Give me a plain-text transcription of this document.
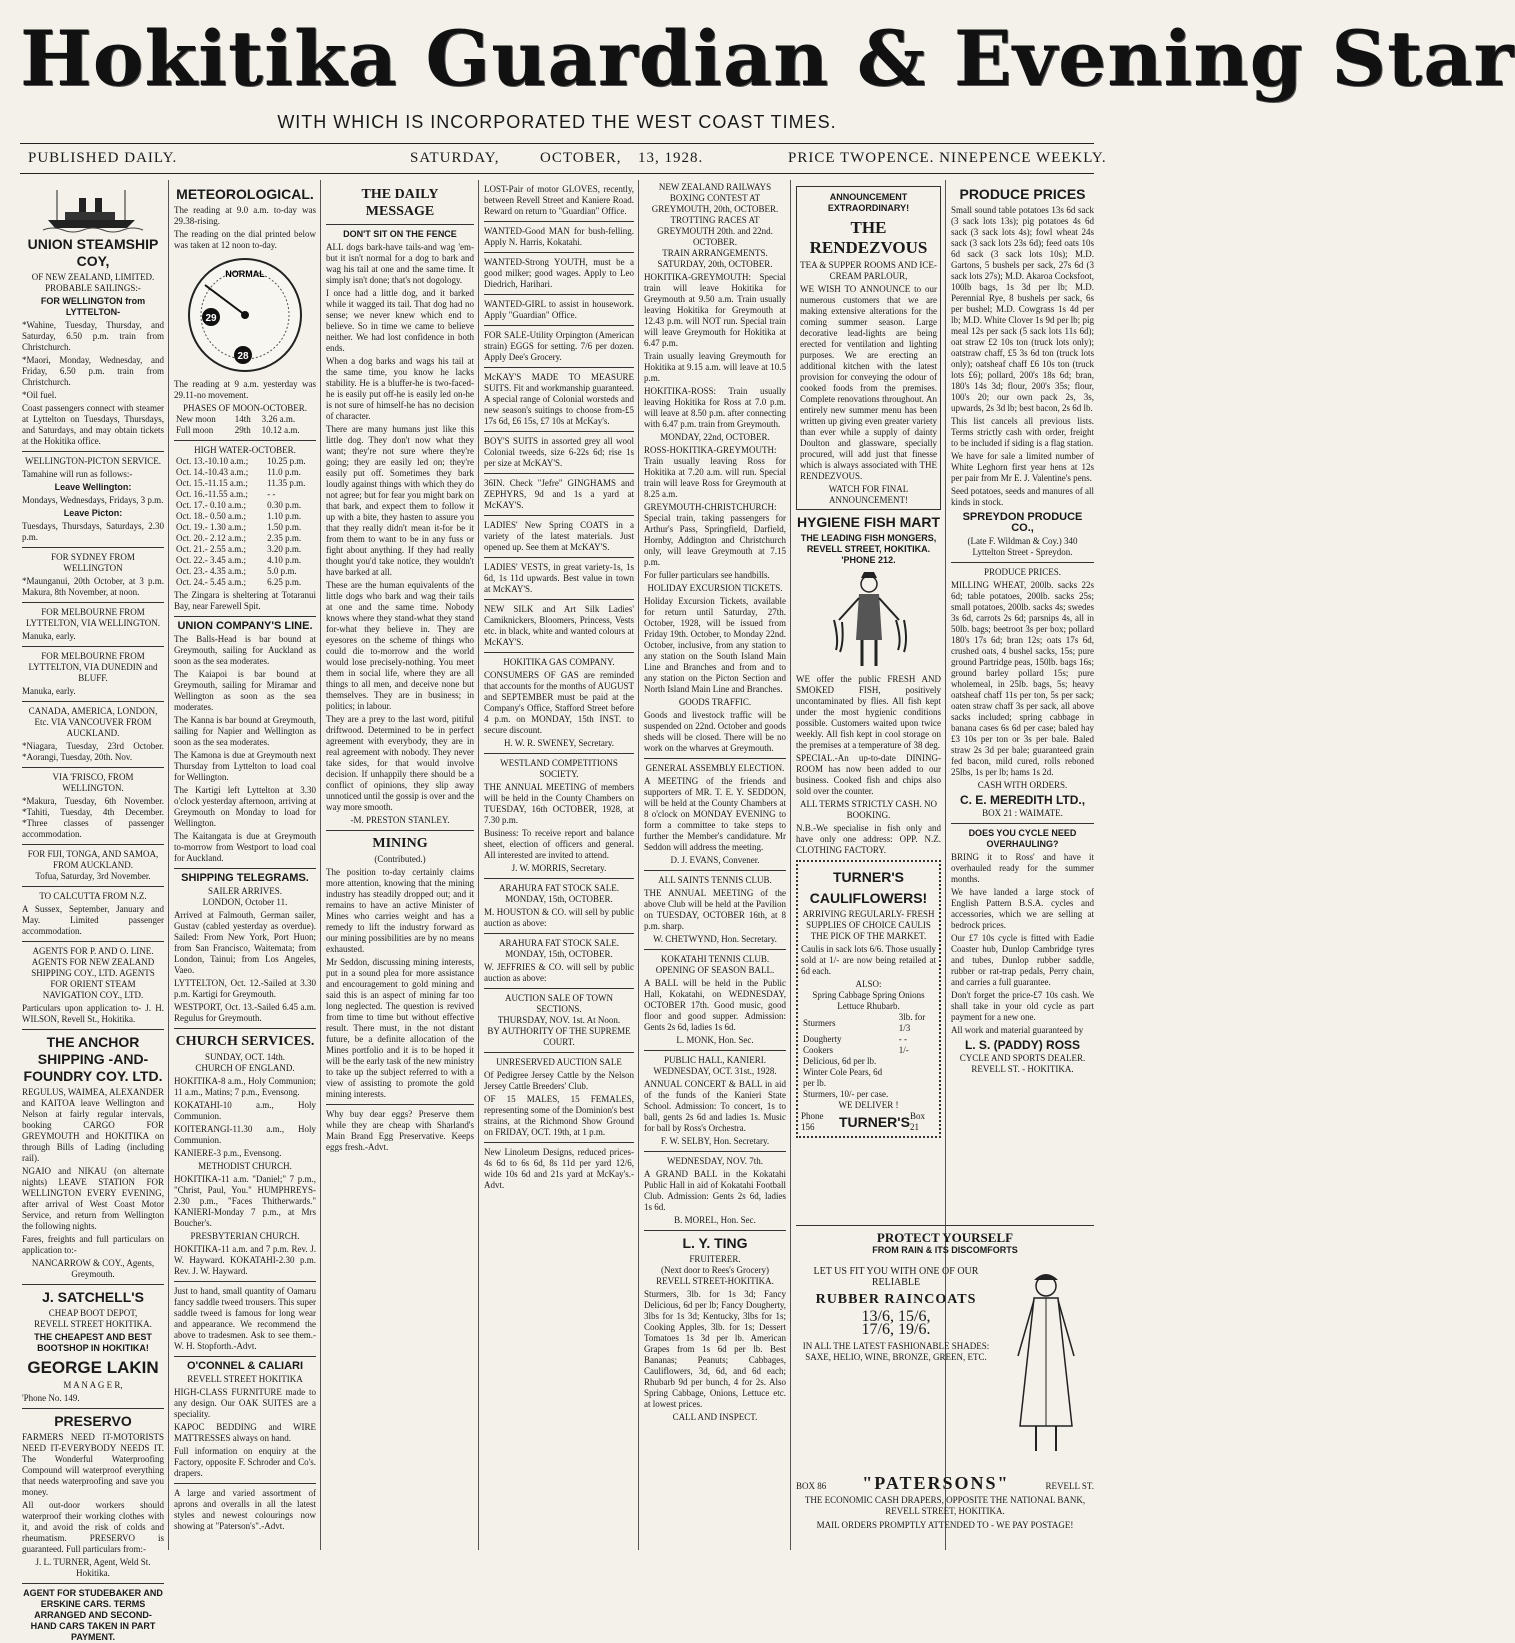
Hokitika Guardian & Evening Star
WITH WHICH IS INCORPORATED THE WEST COAST TIMES.
PUBLISHED DAILY.	SATURDAY,	OCTOBER, 13, 1928.	PRICE TWOPENCE. NINEPENCE WEEKLY.
UNION STEAMSHIP COY,
OF NEW ZEALAND, LIMITED.
PROBABLE SAILINGS:-
FOR WELLINGTON from LYTTELTON-
*Wahine, Tuesday, Thursday, and Saturday, 6.50 p.m. train from Christchurch.
*Maori, Monday, Wednesday, and Friday, 6.50 p.m. train from Christchurch.
*Oil fuel.
Coast passengers connect with steamer at Lyttelton on Tuesdays, Thursdays, and Saturdays, and may obtain tickets at the Hokitika office.
WELLINGTON-PICTON SERVICE.
Tamahine will run as follows:-
Leave Wellington:
Mondays, Wednesdays, Fridays, 3 p.m.
Leave Picton:
Tuesdays, Thursdays, Saturdays, 2.30 p.m.
FOR SYDNEY FROM WELLINGTON
*Maunganui, 20th October, at 3 p.m. Makura, 8th November, at noon.
FOR MELBOURNE FROM LYTTELTON, VIA WELLINGTON.
Manuka, early.
FOR MELBOURNE FROM LYTTELTON, VIA DUNEDIN and BLUFF.
Manuka, early.
CANADA, AMERICA, LONDON, Etc. VIA VANCOUVER FROM AUCKLAND.
*Niagara, Tuesday, 23rd October. *Aorangi, Tuesday, 20th. Nov.
VIA 'FRISCO, FROM WELLINGTON.
*Makura, Tuesday, 6th November. *Tahiti, Tuesday, 4th December. *Three classes of passenger accommodation.
FOR FIJI, TONGA, AND SAMOA, FROM AUCKLAND.
Tofua, Saturday, 3rd November.
TO CALCUTTA FROM N.Z.
A Sussex, September, January and May. Limited passenger accommodation.
AGENTS FOR P. AND O. LINE. AGENTS FOR NEW ZEALAND SHIPPING COY., LTD. AGENTS FOR ORIENT STEAM NAVIGATION COY., LTD.
Particulars upon application to- J. H. WILSON, Revell St., Hokitika.
THE ANCHOR SHIPPING -AND- FOUNDRY COY. LTD.
REGULUS, WAIMEA, ALEXANDER and KAITOA leave Wellington and Nelson at fairly regular intervals, booking CARGO FOR GREYMOUTH and HOKITIKA on through Bills of Lading (including rail).
NGAIO and NIKAU (on alternate nights) LEAVE STATION FOR WELLINGTON EVERY EVENING, after arrival of West Coast Motor Service, and return from Wellington the following nights.
Fares, freights and full particulars on application to:-
NANCARROW & COY., Agents, Greymouth.
J. SATCHELL'S
CHEAP BOOT DEPOT,
REVELL STREET HOKITIKA.
THE CHEAPEST AND BEST BOOTSHOP IN HOKITIKA!
GEORGE LAKIN
M A N A G E R,
'Phone No. 149.
PRESERVO
FARMERS NEED IT-MOTORISTS NEED IT-EVERYBODY NEEDS IT. The Wonderful Waterproofing Compound will waterproof everything that needs waterproofing and save you money.
All out-door workers should waterproof their working clothes with it, and avoid the risk of colds and rheumatism. PRESERVO is guaranteed. Full particulars from:-
J. L. TURNER, Agent, Weld St. Hokitika.
AGENT FOR STUDEBAKER AND ERSKINE CARS. TERMS ARRANGED AND SECOND-HAND CARS TAKEN IN PART PAYMENT.
METEOROLOGICAL.
The reading at 9.0 a.m. to-day was 29.38-rising.
The reading on the dial printed below was taken at 12 noon to-day.
NORMAL
29
28
The reading at 9 a.m. yesterday was 29.11-no movement.
PHASES OF MOON-OCTOBER.
New moon	14th	3.26 a.m.
Full moon	29th	10.12 a.m.
HIGH WATER-OCTOBER.
Oct. 13.-10.10 a.m.;	10.25 p.m.
Oct. 14.-10.43 a.m.;	11.0 p.m.
Oct. 15.-11.15 a.m.;	11.35 p.m.
Oct. 16.-11.55 a.m.;	- -
Oct. 17.- 0.10 a.m.;	0.30 p.m.
Oct. 18.- 0.50 a.m.;	1.10 p.m.
Oct. 19.- 1.30 a.m.;	1.50 p.m.
Oct. 20.- 2.12 a.m.;	2.35 p.m.
Oct. 21.- 2.55 a.m.;	3.20 p.m.
Oct. 22.- 3.45 a.m.;	4.10 p.m.
Oct. 23.- 4.35 a.m.;	5.0 p.m.
Oct. 24.- 5.45 a.m.;	6.25 p.m.
The Zingara is sheltering at Totaranui Bay, near Farewell Spit.
UNION COMPANY'S LINE.
The Balls-Head is bar bound at Greymouth, sailing for Auckland as soon as the sea moderates.
The Kaiapoi is bar bound at Greymouth, sailing for Miramar and Wellington as soon as the sea moderates.
The Kanna is bar bound at Greymouth, sailing for Napier and Wellington as soon as the sea moderates.
The Kamona is due at Greymouth next Thursday from Lyttelton to load coal for Wellington.
The Kartigi left Lyttelton at 3.30 o'clock yesterday afternoon, arriving at Greymouth on Monday to load for Wellington.
The Kaitangata is due at Greymouth to-morrow from Westport to load coal for Auckland.
SHIPPING TELEGRAMS.
SAILER ARRIVES.
LONDON, October 11.
Arrived at Falmouth, German sailer, Gustav (cabled yesterday as overdue). Sailed: From New York, Port Huon; from San Francisco, Waitemata; from London, Tainui; from Los Angeles, Vaeo.
LYTTELTON, Oct. 12.-Sailed at 3.30 p.m. Kartigi for Greymouth.
WESTPORT, Oct. 13.-Sailed 6.45 a.m. Regulus for Greymouth.
CHURCH SERVICES.
SUNDAY, OCT. 14th.
CHURCH OF ENGLAND.
HOKITIKA-8 a.m., Holy Communion; 11 a.m., Matins; 7 p.m., Evensong.
KOKATAHI-10 a.m., Holy Communion.
KOITERANGI-11.30 a.m., Holy Communion.
KANIERE-3 p.m., Evensong.
METHODIST CHURCH.
HOKITIKA-11 a.m. "Daniel;" 7 p.m., "Christ, Paul, You." HUMPHREYS-2.30 p.m., "Faces Thitherwards." KANIERI-Monday 7 p.m., at Mrs Boucher's.
PRESBYTERIAN CHURCH.
HOKITIKA-11 a.m. and 7 p.m. Rev. J. W. Hayward. KOKATAHI-2.30 p.m. Rev. J. W. Hayward.
Just to hand, small quantity of Oamaru fancy saddle tweed trousers. This super saddle tweed is famous for long wear and appearance. We recommend the above to tradesmen. Ask to see them.-W. H. Stopforth.-Advt.
O'CONNEL & CALIARI
REVELL STREET HOKITIKA
HIGH-CLASS FURNITURE made to any design. Our OAK SUITES are a speciality.
KAPOC BEDDING and WIRE MATTRESSES always on hand.
Full information on enquiry at the Factory, opposite F. Schroder and Co's. drapers.
A large and varied assortment of aprons and overalls in all the latest styles and newest colourings now showing at "Paterson's".-Advt.
THE DAILY MESSAGE
DON'T SIT ON THE FENCE
ALL dogs bark-have tails-and wag 'em-but it isn't normal for a dog to bark and wag his tail at one and the same time. It simply isn't done; that's not dogology.
I once had a little dog, and it barked while it wagged its tail. That dog had no sense; we never knew which end to believe. So in time we came to believe neither. We had lost confidence in both ends.
When a dog barks and wags his tail at the same time, you know he lacks stability. He is a bluffer-he is two-faced-he is easily put off-he is easily led on-he is not sure of himself-he has no decision of character.
There are many humans just like this little dog. They don't now what they want; they're not sure where they're going; they are easily led on; they're easily put off. Sometimes they bark loudly against things with which they do not agree; but for fear you might bark on that bark, and expect them to follow it up with a bite, they hasten to assure you that they really didn't mean it-for be it from them to want to be in any fuss or fight about anything. If they had really thought you'd take notice, they wouldn't have barked at all.
These are the human equivalents of the little dogs who bark and wag their tails at one and the same time. Nobody knows where they stand-what they stand for-what they believe in. They are eyesores on the scheme of things who could die to-morrow and the world would lose precisely-nothing. You meet them in social life, where they are all things to all men, and deceive none but themselves. They are in business; in politics; in labour.
They are a prey to the last word, pitiful driftwood. Determined to be in perfect agreement with everybody, they are in real agreement with nobody. They never take sides, for that would involve decision. If unhappily there should be a conflict of opinions, they slip away unnoticed until the gossip is over and the way more smooth.
-M. PRESTON STANLEY.
MINING
(Contributed.)
The position to-day certainly claims more attention, knowing that the mining industry has steadily dropped out; and it remains to have an active Minister of Mines who carries weight and has a remedy to lift the industry forward as our mining possibilities are by no means exhausted.
Mr Seddon, discussing mining interests, put in a sound plea for more assistance and encouragement to gold mining and said this is an aspect of mining far too long neglected. The question is revived from time to time but without effective result. There must, in the not distant future, be a definite allocation of the Mines portfolio and it is to be hoped it will be the early task of the new ministry to take up the subject referred to with a view of assisting to promote the gold mining interests.
Why buy dear eggs? Preserve them while they are cheap with Sharland's Main Brand Egg Preservative. Keeps eggs fresh.-Advt.
LOST-Pair of motor GLOVES, recently, between Revell Street and Kaniere Road. Reward on return to "Guardian" Office.
WANTED-Good MAN for bush-felling. Apply N. Harris, Kokatahi.
WANTED-Strong YOUTH, must be a good milker; good wages. Apply to Leo Diedrich, Harihari.
WANTED-GIRL to assist in housework. Apply "Guardian" Office.
FOR SALE-Utility Orpington (American strain) EGGS for setting. 7/6 per dozen. Apply Dee's Grocery.
McKAY'S MADE TO MEASURE SUITS. Fit and workmanship guaranteed. A special range of Colonial worsteds and new season's suitings to choose from-£5 17s 6d, £6 15s, £7 10s at McKay's.
BOY'S SUITS in assorted grey all wool Colonial tweeds, size 6-22s 6d; rise 1s per size at McKAY'S.
36IN. Check "Jefre" GINGHAMS and ZEPHYRS, 9d and 1s a yard at McKAY'S.
LADIES' New Spring COATS in a variety of the latest materials. Just opened up. See them at McKAY'S.
LADIES' VESTS, in great variety-1s, 1s 6d, 1s 11d upwards. Best value in town at McKAY'S.
NEW SILK and Art Silk Ladies' Camiknickers, Bloomers, Princess, Vests etc. in black, white and wanted colours at McKAY'S.
HOKITIKA GAS COMPANY.
CONSUMERS OF GAS are reminded that accounts for the months of AUGUST and SEPTEMBER must be paid at the Company's Office, Stafford Street before 4 p.m. on MONDAY, 15th INST. to secure discount.
H. W. R. SWENEY, Secretary.
WESTLAND COMPETITIONS SOCIETY.
THE ANNUAL MEETING of members will be held in the County Chambers on TUESDAY, 16th OCTOBER, 1928, at 7.30 p.m.
Business: To receive report and balance sheet, election of officers and general. All interested are invited to attend.
J. W. MORRIS, Secretary.
ARAHURA FAT STOCK SALE.
MONDAY, 15th, OCTOBER.
M. HOUSTON & CO. will sell by public auction as above:
ARAHURA FAT STOCK SALE.
MONDAY, 15th, OCTOBER.
W. JEFFRIES & CO. will sell by public auction as above:
AUCTION SALE OF TOWN SECTIONS.
THURSDAY, NOV. 1st. At Noon.
BY AUTHORITY OF THE SUPREME COURT.
UNRESERVED AUCTION SALE
Of Pedigree Jersey Cattle by the Nelson Jersey Cattle Breeders' Club.
OF 15 MALES, 15 FEMALES, representing some of the Dominion's best strains, at the Richmond Show Ground on FRIDAY, OCT. 19th, at 1 p.m.
New Linoleum Designs, reduced prices-4s 6d to 6s 6d, 8s 11d per yard 12/6, wide 10s 6d and 21s yard at McKay's.-Advt.
NEW ZEALAND RAILWAYS
BOXING CONTEST AT GREYMOUTH, 20th, OCTOBER.
TROTTING RACES AT GREYMOUTH 20th. and 22nd. OCTOBER.
TRAIN ARRANGEMENTS.
SATURDAY, 20th, OCTOBER.
HOKITIKA-GREYMOUTH: Special train will leave Hokitika for Greymouth at 9.50 a.m. Train usually leaving Hokitika for Greymouth at 12.43 p.m. will NOT run. Special train will leave Greymouth for Hokitika at 6.47 p.m.
Train usually leaving Greymouth for Hokitika at 9.15 a.m. will leave at 10.5 p.m.
HOKITIKA-ROSS: Train usually leaving Hokitika for Ross at 7.0 p.m. will leave at 8.50 p.m. after connecting with 6.47 p.m. train from Greymouth.
MONDAY, 22nd, OCTOBER.
ROSS-HOKITIKA-GREYMOUTH: Train usually leaving Ross for Hokitika at 7.20 a.m. will run. Special train will leave Ross for Greymouth at 8.25 a.m.
GREYMOUTH-CHRISTCHURCH: Special train, taking passengers for Arthur's Pass, Springfield, Darfield, Hornby, Addington and Christchurch only, will leave Greymouth at 7.15 p.m.
For fuller particulars see handbills.
HOLIDAY EXCURSION TICKETS.
Holiday Excursion Tickets, available for return until Saturday, 27th. October, 1928, will be issued from Friday 19th. October, to Monday 22nd. October, inclusive, from any station to any station on the South Island Main Line and Branches and from and to any station on the Picton Section and North Island Main Line and Branches.
GOODS TRAFFIC.
Goods and livestock traffic will be suspended on 22nd. October and goods sheds will be closed. There will be no work on the wharves at Greymouth.
GENERAL ASSEMBLY ELECTION.
A MEETING of the friends and supporters of MR. T. E. Y. SEDDON, will be held at the County Chambers at 8 o'clock on MONDAY EVENING to form a committee to take steps to further the Member's candidature. Mr Seddon will address the meeting.
D. J. EVANS, Convener.
ALL SAINTS TENNIS CLUB.
THE ANNUAL MEETING of the above Club will be held at the Pavilion on TUESDAY, OCTOBER 16th, at 8 p.m. sharp.
W. CHETWYND, Hon. Secretary.
KOKATAHI TENNIS CLUB.
OPENING OF SEASON BALL.
A BALL will be held in the Public Hall, Kokatahi, on WEDNESDAY, OCTOBER 17th. Good music, good floor and good supper. Admission: Gents 2s 6d, ladies 1s 6d.
L. MONK, Hon. Sec.
PUBLIC HALL, KANIERI.
WEDNESDAY, OCT. 31st., 1928.
ANNUAL CONCERT & BALL in aid of the funds of the Kanieri State School. Admission: To concert, 1s to ball, gents 2s 6d and ladies 1s. Music for ball by Ross's Orchestra.
F. W. SELBY, Hon. Secretary.
WEDNESDAY, NOV. 7th.
A GRAND BALL in the Kokatahi Public Hall in aid of Kokatahi Football Club. Admission: Gents 2s 6d, ladies 1s 6d.
B. MOREL, Hon. Sec.
L. Y. TING
FRUITERER.
(Next door to Rees's Grocery) REVELL STREET-HOKITIKA.
Sturmers, 3lb. for 1s 3d; Fancy Delicious, 6d per lb; Fancy Dougherty, 3lbs for 1s 3d; Kentucky, 3lbs for 1s; Cooking Apples, 3lb. for 1s; Dessert Tomatoes 1s 3d per lb. American Grapes from 1s 6d per lb. Best Bananas; Peanuts; Cabbages, Cauliflowers, 3d, 6d, and 6d each; Rhubarb 9d per bunch, 4 for 2s. Also Spring Cabbage, Onions, Lettuce etc. at lowest prices.
CALL AND INSPECT.
ANNOUNCEMENT EXTRAORDINARY!
THE RENDEZVOUS
TEA & SUPPER ROOMS AND ICE-CREAM PARLOUR,
WE WISH TO ANNOUNCE to our numerous customers that we are making extensive alterations for the coming summer season. Large decorative lead-lights are being erected for ventilation and lighting purposes. We are erecting an additional kitchen with the latest provision for conveying the odour of cooked foods from the premises. Complete renovations throughout. An entirely new summer menu has been written up giving even greater variety than ever while a supply of dainty Doulton and glassware, specially procured, will add just that finesse which is always associated with THE RENDEZVOUS.
WATCH FOR FINAL ANNOUNCEMENT!
HYGIENE FISH MART
THE LEADING FISH MONGERS, REVELL STREET, HOKITIKA. 'PHONE 212.
WE offer the public FRESH AND SMOKED FISH, positively uncontaminated by flies. All fish kept under the most hygienic conditions possible. Customers waited upon twice weekly. All fish kept in cool storage on the premises at a temperature of 38 deg.
SPECIAL.-An up-to-date DINING-ROOM has now been added to our business. Cooked fish and chips also sold over the counter.
ALL TERMS STRICTLY CASH. NO BOOKING.
N.B.-We specialise in fish only and have only one address: OPP. N.Z. CLOTHING FACTORY.
TURNER'S
CAULIFLOWERS!
ARRIVING REGULARLY- FRESH SUPPLIES OF CHOICE CAULIS
THE PICK OF THE MARKET.
Caulis in sack lots 6/6. Those usually sold at 1/- are now being retailed at 6d each.
ALSO:
Spring Cabbage Spring Onions Lettuce Rhubarb.
Sturmers	3lb. for 1/3
Dougherty	- -
Cookers	1/-
Delicious, 6d per lb.	
Winter Cole Pears, 6d per lb.	
Sturmers, 10/- per case.	
WE DELIVER !
Phone 156	TURNER'S Box 21
PRODUCE PRICES
Small sound table potatoes 13s 6d sack (3 sack lots 13s); pig potatoes 4s 6d sack (3 sack lots 4s); fowl wheat 24s sack (3 sack lots 23s 6d); feed oats 10s 6d sack (3 sack lots 10s); M.D. Gartons, 5 bushels per sack, 27s 6d (3 sack lots 27s); M.D. Akaroa Cocksfoot, 100lb bags, 1s 3d per lb; M.D. Perennial Rye, 8 bushels per sack, 6s per bushel; M.D. Cowgrass 1s 4d per lb; M.D. White Clover 1s 9d per lb; pig meal 12s per sack (5 sack lots 11s 6d); oat straw £2 10s ton (truck lots only); oatstraw chaff, £5 3s 6d ton (truck lots only); oatsheaf chaff £6 10s ton (truck lots £6); pollard, 200's 18s 6d; bran, 180's 14s 3d; flour, 200's 35s; flour, 100's 20; our own pack 2s, 3s, upwards, 2s 3d lb; best bacon, 2s 6d lb.
This list cancels all previous lists. Terms strictly cash with order, freight to be included if siding is a flag station.
We have for sale a limited number of White Leghorn first year hens at 12s per pair from Mr E. J. Valentine's pens.
Seed potatoes, seeds and manures of all kinds in stock.
SPREYDON PRODUCE CO.,
(Late F. Wildman & Coy.) 340 Lyttelton Street - Spreydon.
PRODUCE PRICES.
MILLING WHEAT, 200lb. sacks 22s 6d; table potatoes, 200lb. sacks 25s; small potatoes, 200lb. sacks 4s; swedes 3s 6d, carrots 2s 6d; parsnips 4s, all in 50lb. bags; beetroot 3s per box; pollard 180's 17s 6d; bran 12s; oats 17s 6d, crushed oats, 4 bushel sacks, 15s; pure ground Partridge peas, 150lb. bags 16s; ground barley pollard 15s; pure wholemeal, in 25lb. bags, 5s; heavy oatsheaf chaff 11s per ton, 5s per sack; oaten straw chaff 3s per sack, all above sacks included; spring cabbage in banana cases 6s 6d per case; baled hay £3 10s per ton or 3s per bale. Baled straw 2s 3d per bale; guaranteed grain fed bacon, mild cured, rolls reboned 25lbs, 1s per lb; hams 1s 2d.
CASH WITH ORDERS.
C. E. MEREDITH LTD.,
BOX 21 : WAIMATE.
DOES YOU CYCLE NEED OVERHAULING?
BRING it to Ross' and have it overhauled ready for the summer months.
We have landed a large stock of English Pattern B.S.A. cycles and accessories, which we are selling at bedrock prices.
Our £7 10s cycle is fitted with Eadie Coaster hub, Dunlop Cambridge tyres and tubes, Dunlop rubber saddle, rubber or rat-trap pedals, Perry chain, and carries a full guarantee.
Don't forget the price-£7 10s cash. We shall take in your old cycle as part payment for a new one.
All work and material guaranteed by
L. S. (PADDY) ROSS
CYCLE AND SPORTS DEALER. REVELL ST. - HOKITIKA.
PROTECT YOURSELF
FROM RAIN & ITS DISCOMFORTS
LET US FIT YOU WITH ONE OF OUR RELIABLE
RUBBER RAINCOATS
13/6, 15/6,
17/6, 19/6.
IN ALL THE LATEST FASHIONABLE SHADES: SAXE, HELIO, WINE, BRONZE, GREEN, ETC.
BOX 86 "PATERSONS"	REVELL ST.
THE ECONOMIC CASH DRAPERS, OPPOSITE THE NATIONAL BANK, REVELL STREET, HOKITIKA.
MAIL ORDERS PROMPTLY ATTENDED TO - WE PAY POSTAGE!
